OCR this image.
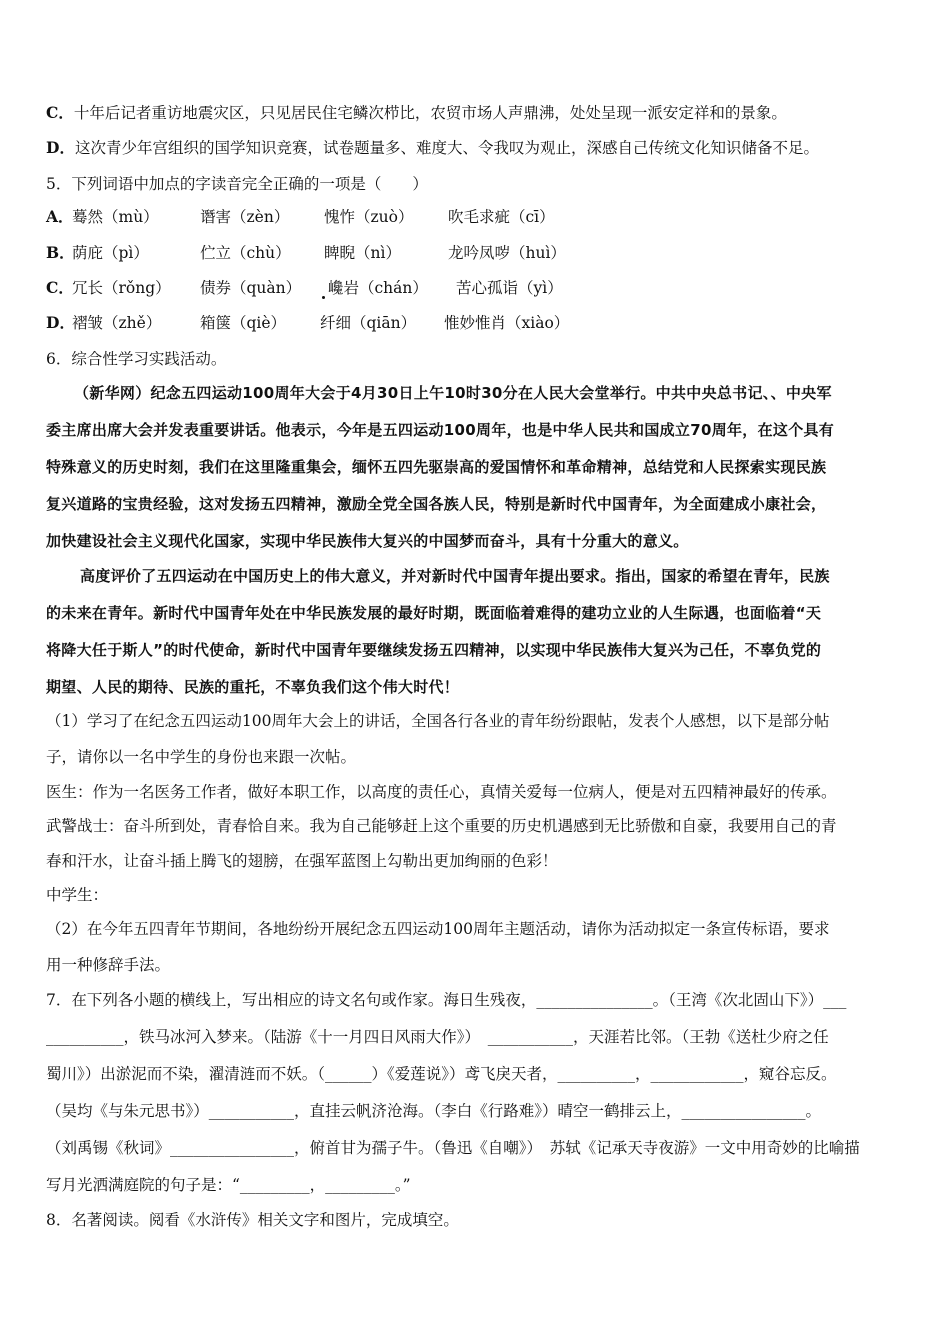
C．十年后记者重访地震灾区，只见居民住宅鳞次栉比，农贸市场人声鼎沸，处处呈现一派安定祥和的景象。
D．这次青少年宫组织的国学知识竞赛，试卷题量多、难度大、令我叹为观止，深感自己传统文化知识储备不足。
5．下列词语中加点的字读音完全正确的一项是（　　）
A．
蓦然（mù）	谮害（zèn） 愧怍（zuò） 吹毛求疵（cī）
B．
荫庇（pì）	伫立（chù） 睥睨（nì）	龙吟凤哕（huì）
C．
冗长（rǒng） 债券（quàn） 巉岩（chán） 苦心孤诣（yì）
D．
褶皱（zhě） 箱箧（qiè） 纤细（qiān） 惟妙惟肖（xiào）
6．综合性学习实践活动。
（新华网）纪念五四运动100周年大会于4月30日上午10时30分在人民大会堂举行。中共中央总书记、、中央军
委主席出席大会并发表重要讲话。他表示，今年是五四运动100周年，也是中华人民共和国成立70周年，在这个具有
特殊意义的历史时刻，我们在这里隆重集会，缅怀五四先驱崇高的爱国情怀和革命精神，总结党和人民探索实现民族
复兴道路的宝贵经验，这对发扬五四精神，激励全党全国各族人民，特别是新时代中国青年，为全面建成小康社会，
加快建设社会主义现代化国家，实现中华民族伟大复兴的中国梦而奋斗，具有十分重大的意义。
高度评价了五四运动在中国历史上的伟大意义，并对新时代中国青年提出要求。指出，国家的希望在青年，民族
的未来在青年。新时代中国青年处在中华民族发展的最好时期，既面临着难得的建功立业的人生际遇，也面临着“天
将降大任于斯人”的时代使命，新时代中国青年要继续发扬五四精神，以实现中华民族伟大复兴为己任，不辜负党的
期望、人民的期待、民族的重托，不辜负我们这个伟大时代！
（1）学习了在纪念五四运动100周年大会上的讲话，全国各行各业的青年纷纷跟帖，发表个人感想，以下是部分帖
子，请你以一名中学生的身份也来跟一次帖。
医生：作为一名医务工作者，做好本职工作，以高度的责任心，真情关爱每一位病人，便是对五四精神最好的传承。
武警战士：奋斗所到处，青春恰自来。我为自己能够赶上这个重要的历史机遇感到无比骄傲和自豪，我要用自己的青
春和汗水，让奋斗插上腾飞的翅膀，在强军蓝图上勾勒出更加绚丽的色彩！
中学生：
（2）在今年五四青年节期间，各地纷纷开展纪念五四运动100周年主题活动，请你为活动拟定一条宣传标语，要求
用一种修辞手法。
7．在下列各小题的横线上，写出相应的诗文名句或作家。海日生残夜，_______________。（王湾《次北固山下》）___
__________，铁马冰河入梦来。（陆游《十一月四日风雨大作》）　___________，天涯若比邻。（王勃《送杜少府之任
蜀川》）出淤泥而不染，濯清涟而不妖。（______）《爱莲说》）鸢飞戾天者，__________，____________，窥谷忘反。
（吴均《与朱元思书》）___________，直挂云帆济沧海。（李白《行路难》）晴空一鹤排云上，________________。
（刘禹锡《秋词》________________，俯首甘为孺子牛。（鲁迅《自嘲》）　苏轼《记承天寺夜游》一文中用奇妙的比喻描
写月光洒满庭院的句子是：“_________，_________。”
8．名著阅读。阅看《水浒传》相关文字和图片，完成填空。
